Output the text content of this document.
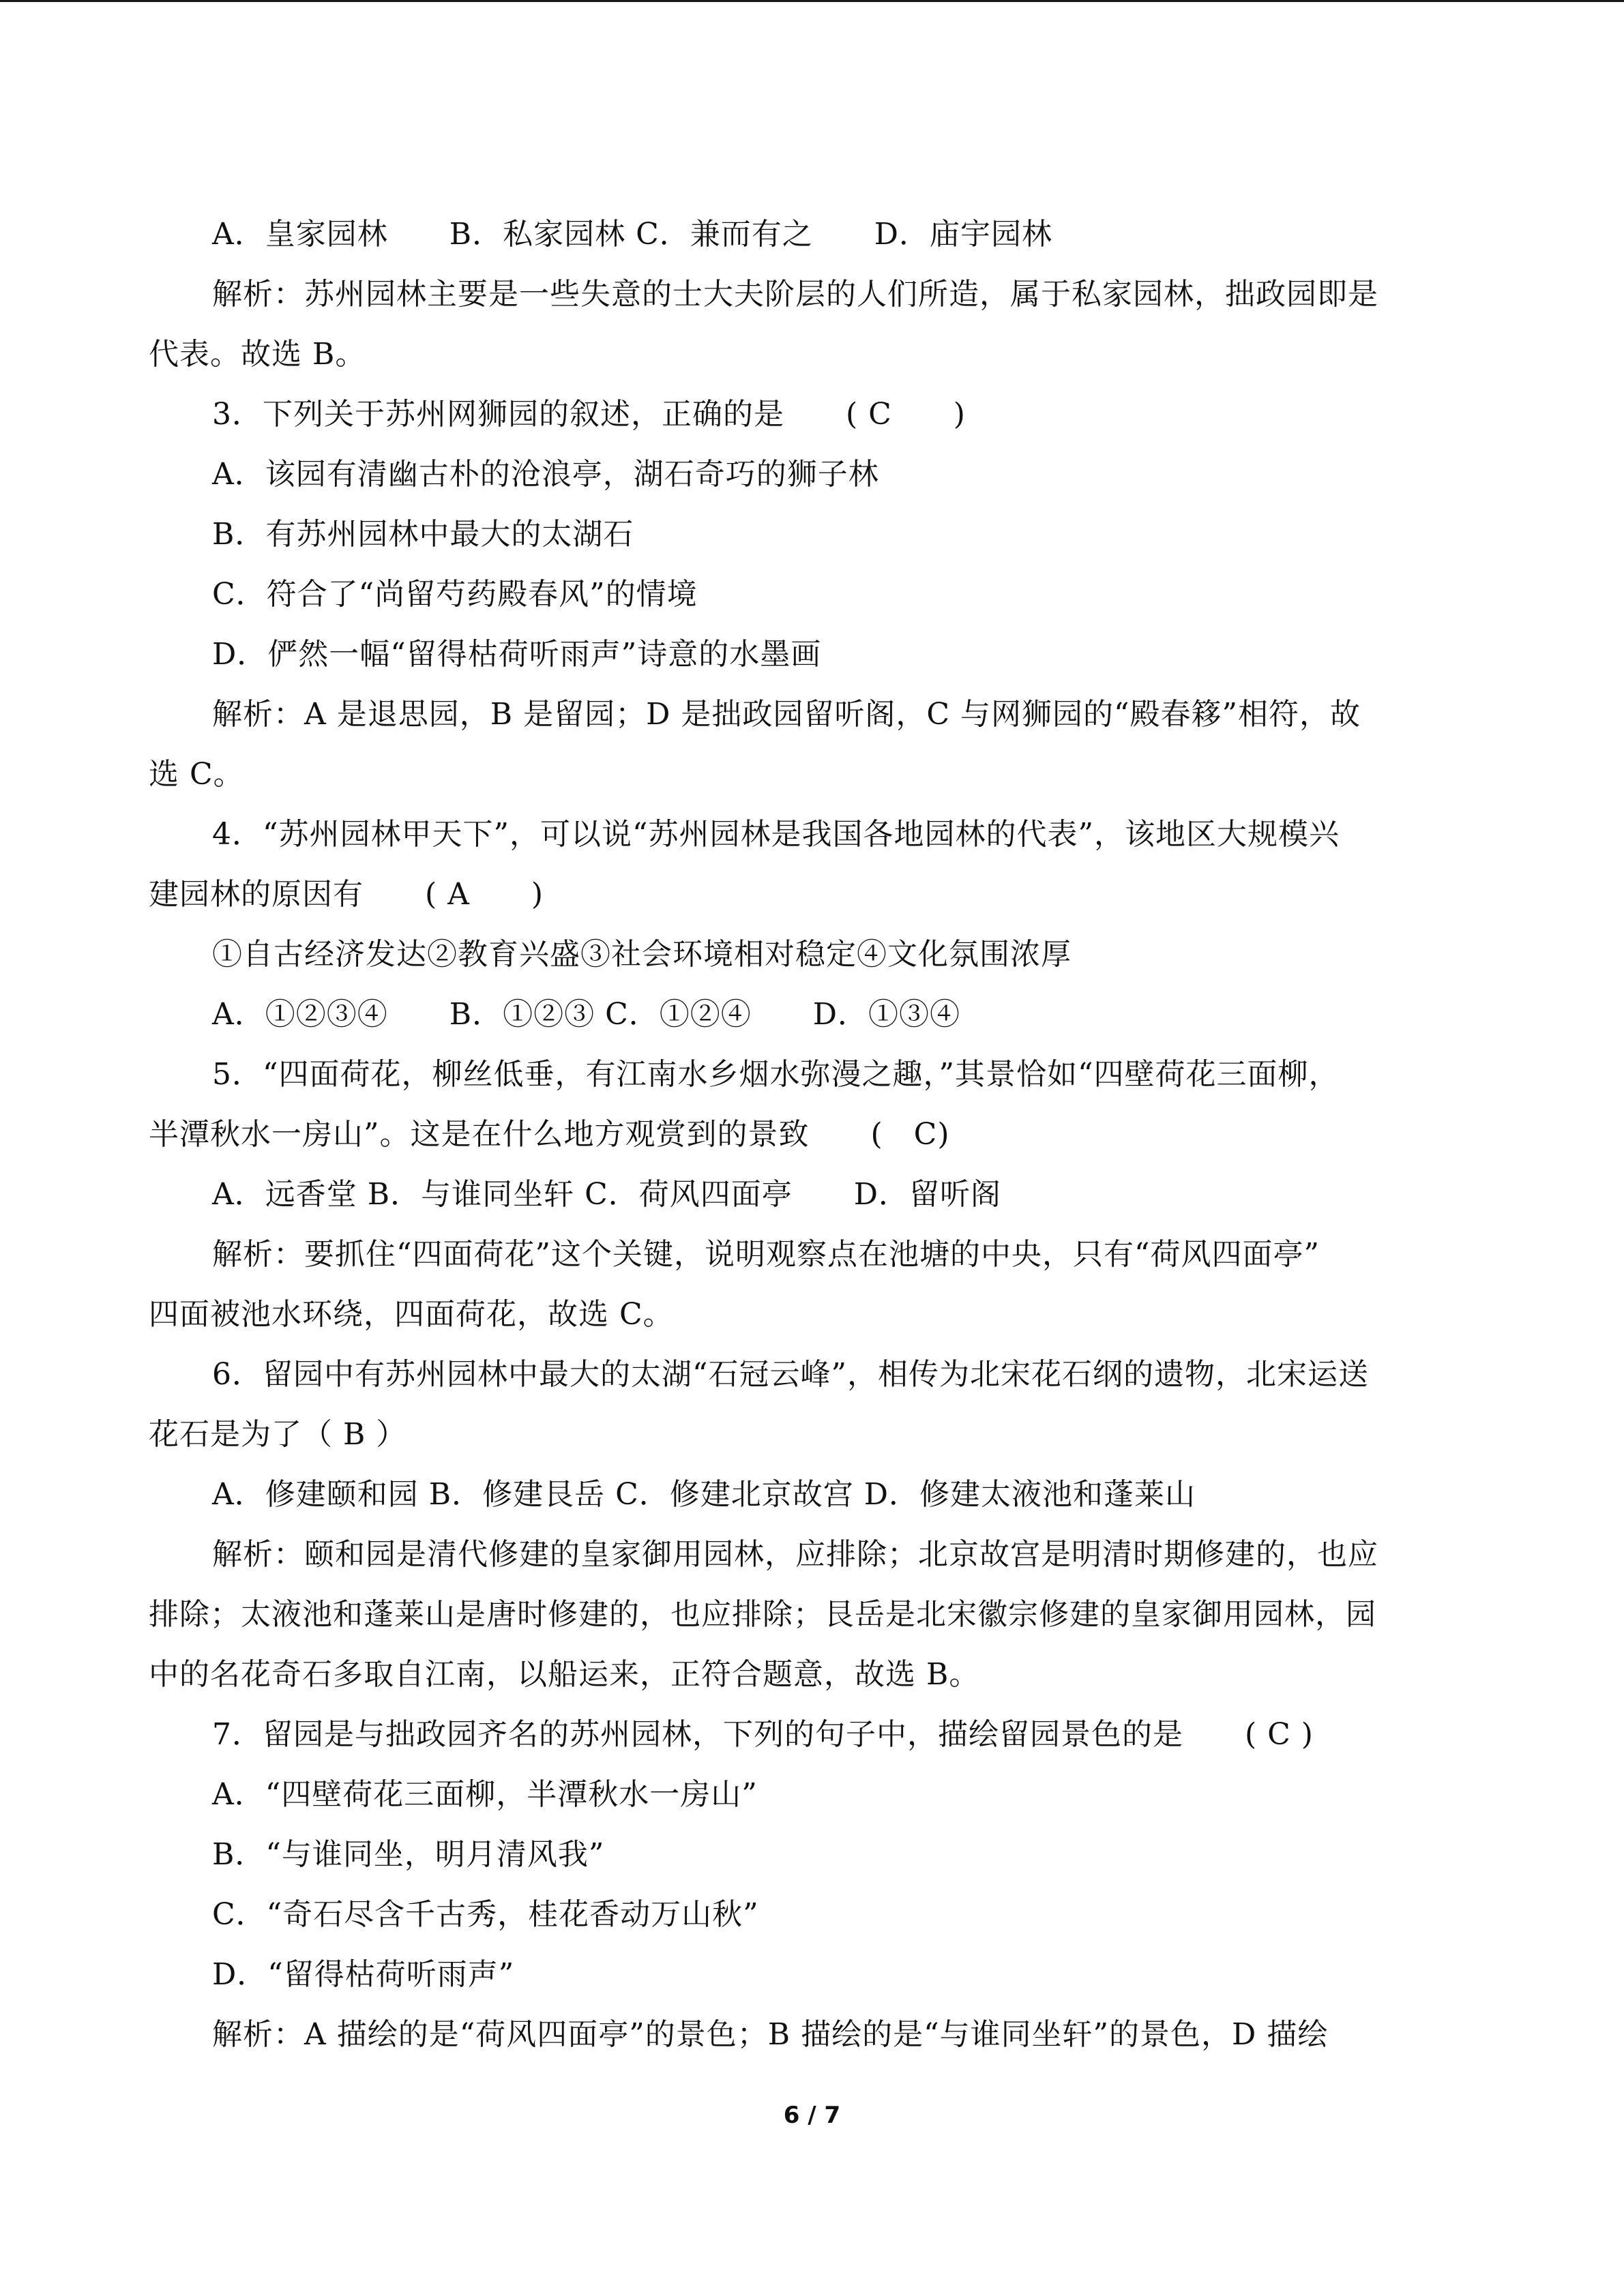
A．皇家园林　　B．私家园林 C．兼而有之　　D．庙宇园林
解析：苏州园林主要是一些失意的士大夫阶层的人们所造，属于私家园林，拙政园即是
代表。故选 B。
3．下列关于苏州网狮园的叙述，正确的是　　( C　　)
A．该园有清幽古朴的沧浪亭，湖石奇巧的狮子林
B．有苏州园林中最大的太湖石
C．符合了“尚留芍药殿春风”的情境
D．俨然一幅“留得枯荷听雨声”诗意的水墨画
解析：A 是退思园，B 是留园；D 是拙政园留听阁，C 与网狮园的“殿春簃”相符，故
选 C。
4．“苏州园林甲天下”，可以说“苏州园林是我国各地园林的代表”，该地区大规模兴
建园林的原因有　　( A　　)
①自古经济发达②教育兴盛③社会环境相对稳定④文化氛围浓厚
A．①②③④　　B．①②③ C．①②④　　D．①③④
5．“四面荷花，柳丝低垂，有江南水乡烟水弥漫之趣，”其景恰如“四壁荷花三面柳，
半潭秋水一房山”。这是在什么地方观赏到的景致　　(　C)
A．远香堂 B．与谁同坐轩 C．荷风四面亭　　D．留听阁
解析：要抓住“四面荷花”这个关键，说明观察点在池塘的中央，只有“荷风四面亭”
四面被池水环绕，四面荷花，故选 C。
6．留园中有苏州园林中最大的太湖“石冠云峰”，相传为北宋花石纲的遗物，北宋运送
花石是为了（ B ）
A．修建颐和园 B．修建艮岳 C．修建北京故宫 D．修建太液池和蓬莱山
解析：颐和园是清代修建的皇家御用园林，应排除；北京故宫是明清时期修建的，也应
排除；太液池和蓬莱山是唐时修建的，也应排除；艮岳是北宋徽宗修建的皇家御用园林，园
中的名花奇石多取自江南，以船运来，正符合题意，故选 B。
7．留园是与拙政园齐名的苏州园林，下列的句子中，描绘留园景色的是　　( C )
A．“四壁荷花三面柳，半潭秋水一房山”
B．“与谁同坐，明月清风我”
C．“奇石尽含千古秀，桂花香动万山秋”
D．“留得枯荷听雨声”
解析：A 描绘的是“荷风四面亭”的景色；B 描绘的是“与谁同坐轩”的景色，D 描绘
6 / 7
